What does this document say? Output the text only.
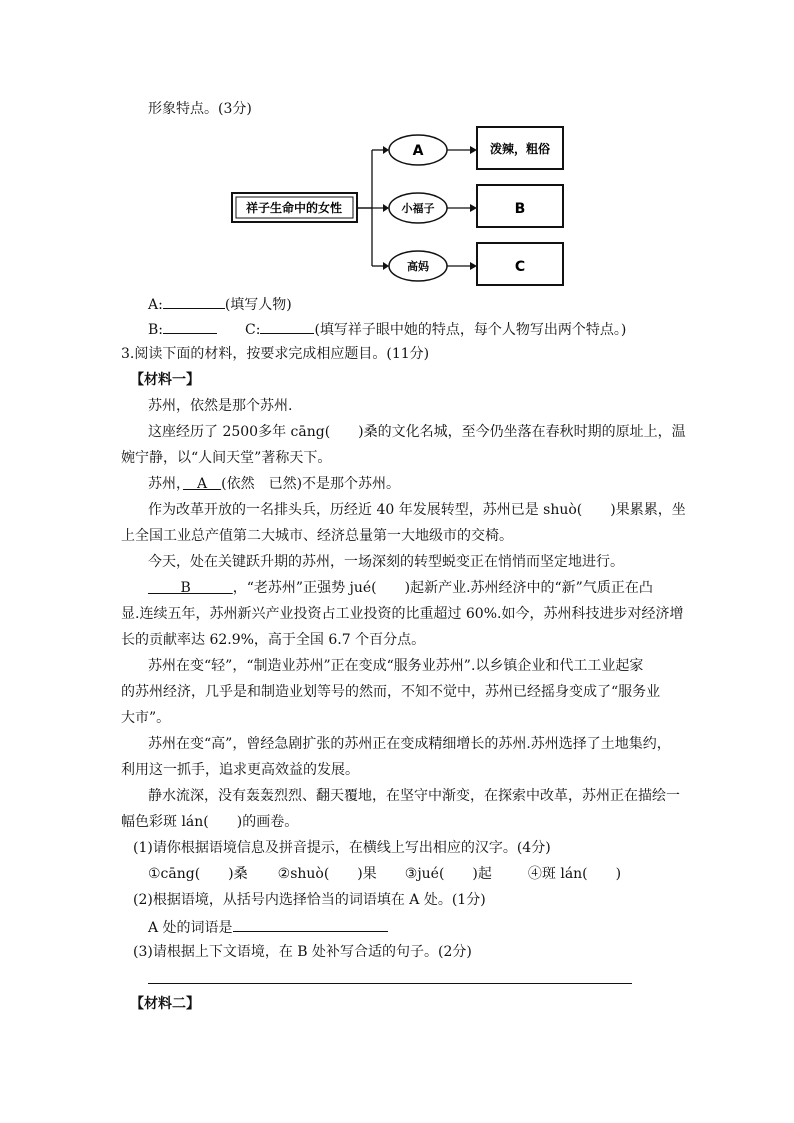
形象特点。(3分)
祥子生命中的女性
A	泼辣，粗俗
小福子	B
高妈	C
A:	(填写人物)
B:	C:	(填写祥子眼中她的特点，每个人物写出两个特点。)
3.阅读下面的材料，按要求完成相应题目。(11分)
【材料一】
苏州，依然是那个苏州.
这座经历了 2500多年 cāng(　　)桑的文化名城，至今仍坐落在春秋时期的原址上，温
婉宁静，以“人间天堂”著称天下。
苏州，　A　(依然　已然)不是那个苏州。
作为改革开放的一名排头兵，历经近 40 年发展转型，苏州已是 shuò(　　)果累累，坐
上全国工业总产值第二大城市、经济总量第一大地级市的交椅。
今天，处在关键跃升期的苏州，一场深刻的转型蜕变正在悄悄而坚定地进行。
　　 B　　　，“老苏州”正强势 jué(　　)起新产业.苏州经济中的“新”气质正在凸
显.连续五年，苏州新兴产业投资占工业投资的比重超过 60%.如今，苏州科技进步对经济增
长的贡献率达 62.9%，高于全国 6.7 个百分点。
苏州在变“轻”，“制造业苏州”正在变成“服务业苏州”.以乡镇企业和代工工业起家
的苏州经济，几乎是和制造业划等号的然而，不知不觉中，苏州已经摇身变成了“服务业
大市”。
苏州在变“高”，曾经急剧扩张的苏州正在变成精细增长的苏州.苏州选择了土地集约，
利用这一抓手，追求更高效益的发展。
静水流深，没有轰轰烈烈、翻天覆地，在坚守中渐变，在探索中改革，苏州正在描绘一
幅色彩斑 lán(　　)的画卷。
(1)请你根据语境信息及拼音提示，在横线上写出相应的汉字。(4分)
①cāng(　　)桑 ②shuò(　　)果 ③jué(　　)起	④斑 lán(　　)
(2)根据语境，从括号内选择恰当的词语填在 A 处。(1分)
A 处的词语是
(3)请根据上下文语境，在 B 处补写合适的句子。(2分)
【材料二】
